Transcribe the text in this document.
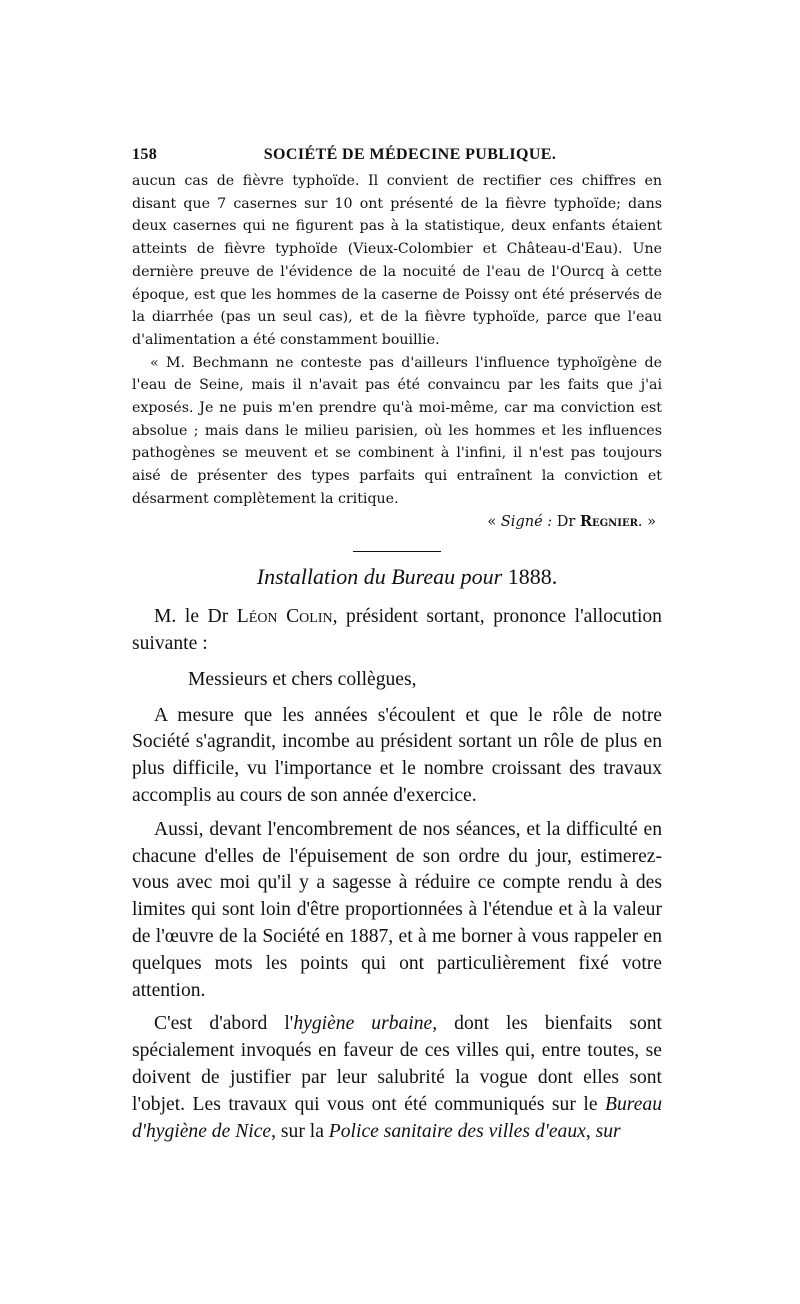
158	SOCIÉTÉ DE MÉDECINE PUBLIQUE.

aucun cas de fièvre typhoïde. Il convient de rectifier ces chiffres en disant que 7 casernes sur 10 ont présenté de la fièvre typhoïde; dans deux casernes qui ne figurent pas à la statistique, deux enfants étaient atteints de fièvre typhoïde (Vieux-Colombier et Château-d'Eau). Une dernière preuve de l'évidence de la nocuité de l'eau de l'Ourcq à cette époque, est que les hommes de la caserne de Poissy ont été préservés de la diarrhée (pas un seul cas), et de la fièvre typhoïde, parce que l'eau d'alimentation a été constamment bouillie.

« M. Bechmann ne conteste pas d'ailleurs l'influence typhoïgène de l'eau de Seine, mais il n'avait pas été convaincu par les faits que j'ai exposés. Je ne puis m'en prendre qu'à moi-même, car ma conviction est absolue ; mais dans le milieu parisien, où les hommes et les influences pathogènes se meuvent et se combinent à l'infini, il n'est pas toujours aisé de présenter des types parfaits qui entraînent la conviction et désarment complètement la critique.

« Signé : Dr Regnier. »

Installation du Bureau pour 1888.

M. le Dr Léon Colin, président sortant, prononce l'allocution suivante :

Messieurs et chers collègues,

A mesure que les années s'écoulent et que le rôle de notre Société s'agrandit, incombe au président sortant un rôle de plus en plus difficile, vu l'importance et le nombre croissant des travaux accomplis au cours de son année d'exercice.

Aussi, devant l'encombrement de nos séances, et la difficulté en chacune d'elles de l'épuisement de son ordre du jour, estimerez-vous avec moi qu'il y a sagesse à réduire ce compte rendu à des limites qui sont loin d'être proportionnées à l'étendue et à la valeur de l'œuvre de la Société en 1887, et à me borner à vous rappeler en quelques mots les points qui ont particulièrement fixé votre attention.

C'est d'abord l'hygiène urbaine, dont les bienfaits sont spécialement invoqués en faveur de ces villes qui, entre toutes, se doivent de justifier par leur salubrité la vogue dont elles sont l'objet. Les travaux qui vous ont été communiqués sur le Bureau d'hygiène de Nice, sur la Police sanitaire des villes d'eaux, sur
